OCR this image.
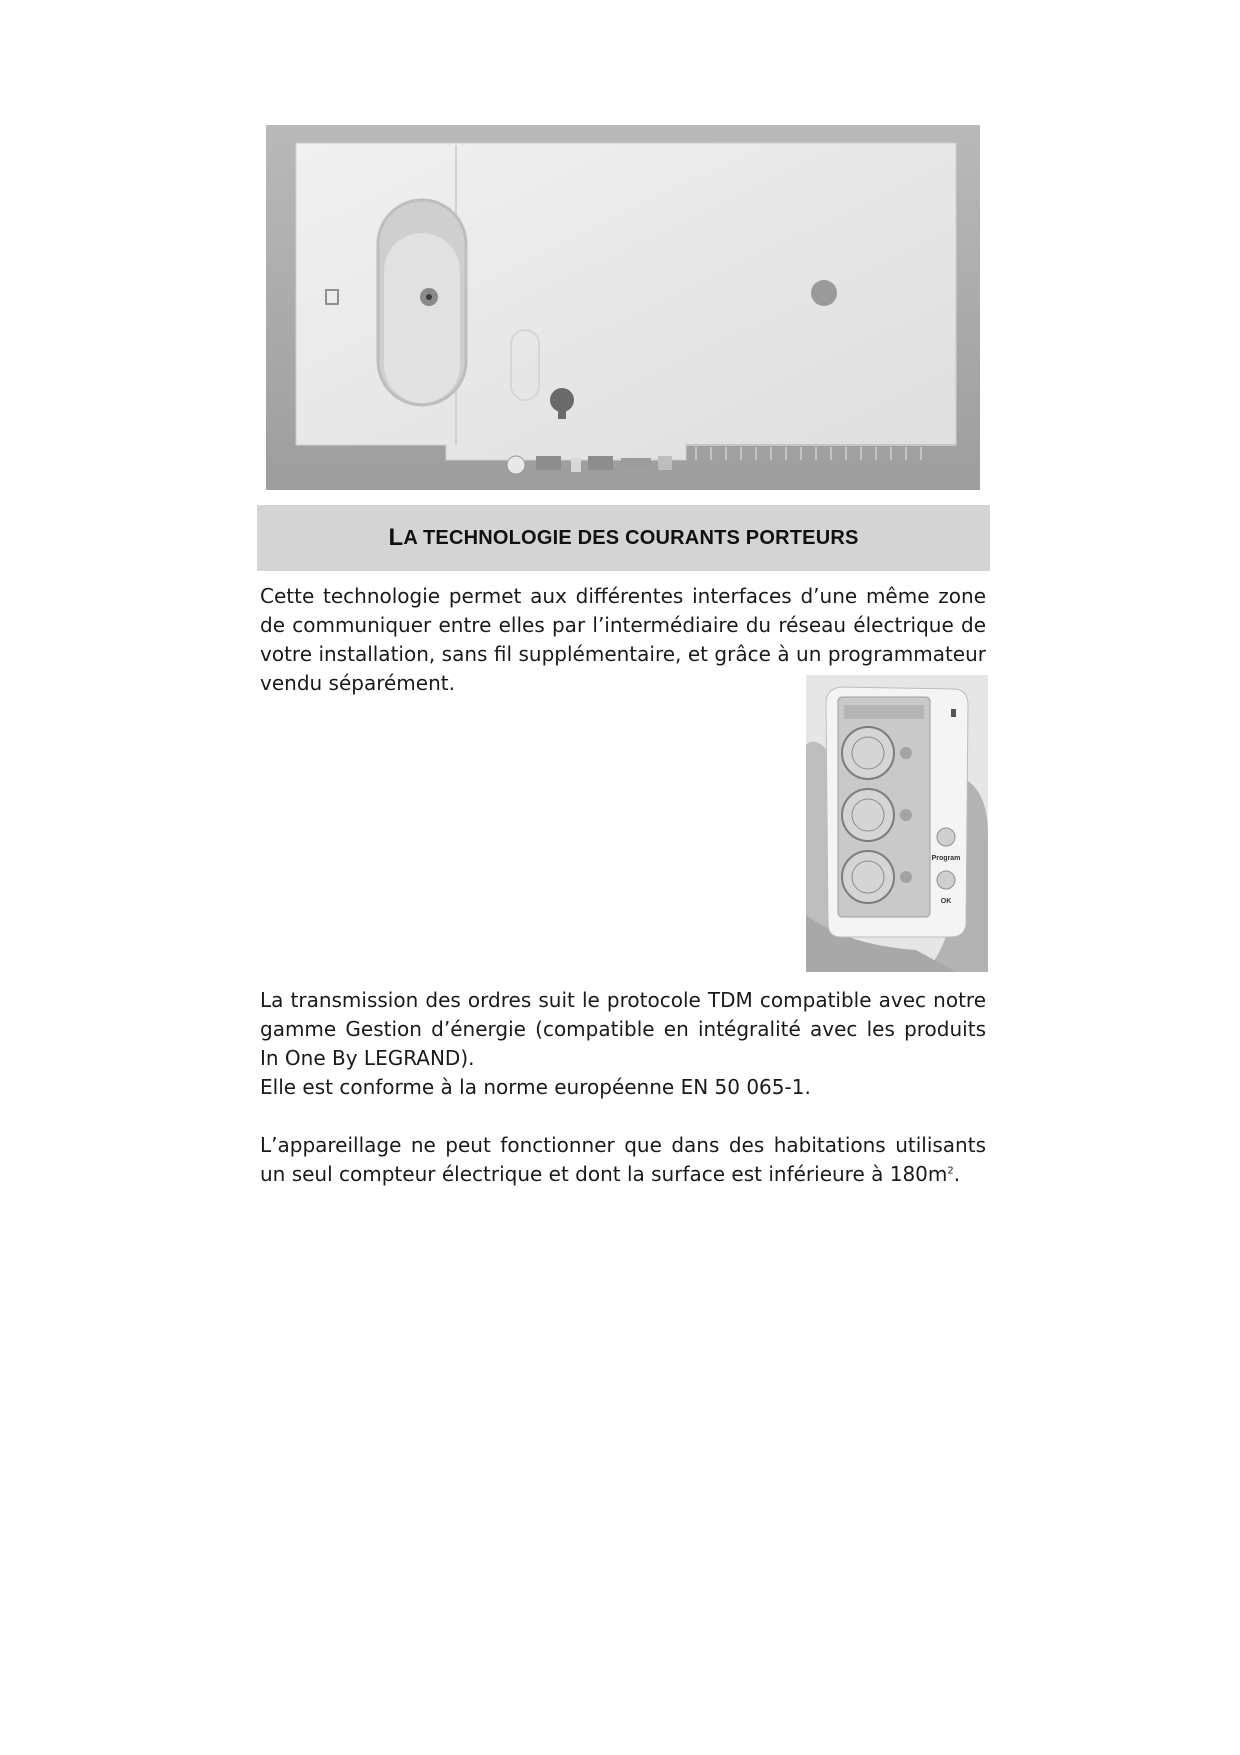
L A TECHNOLOGIE DES COURANTS PORTEURS

Cette technologie permet aux différentes interfaces d’une même zone de communiquer entre elles par l’intermédiaire du réseau électrique de votre installation, sans fil supplémentaire, et grâce à un programmateur vendu séparément.

Program
OK
La transmission des ordres suit le protocole TDM compatible avec notre gamme Gestion d’énergie (compatible en intégralité avec les produits In One By LEGRAND).
Elle est conforme à la norme européenne EN 50 065-1.

L’appareillage ne peut fonctionner que dans des habitations utilisants un seul compteur électrique et dont la surface est inférieure à $180m^2$.
